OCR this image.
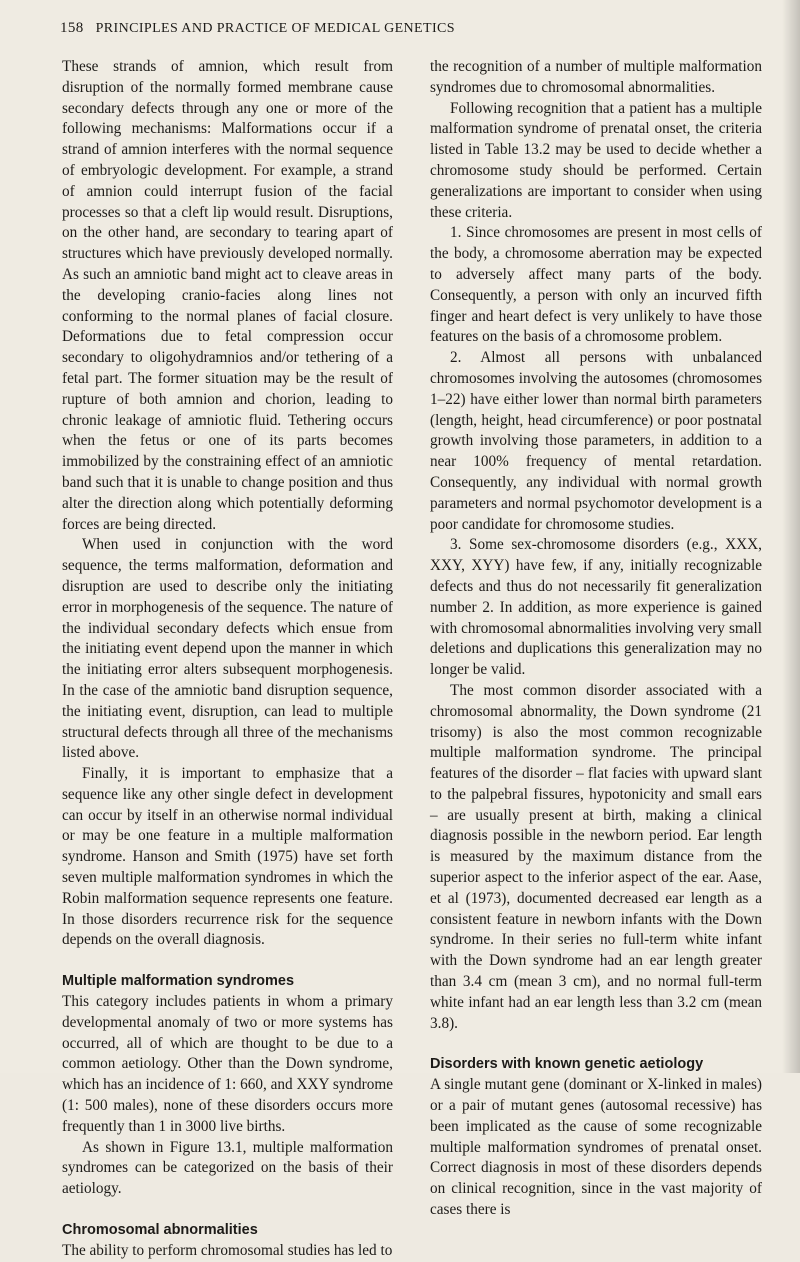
158 PRINCIPLES AND PRACTICE OF MEDICAL GENETICS

These strands of amnion, which result from disruption of the normally formed membrane cause secondary defects through any one or more of the following mechanisms: Malformations occur if a strand of amnion interferes with the normal sequence of embryologic development. For example, a strand of amnion could interrupt fusion of the facial processes so that a cleft lip would result. Disruptions, on the other hand, are secondary to tearing apart of structures which have previously developed normally. As such an amniotic band might act to cleave areas in the developing cranio-facies along lines not conforming to the normal planes of facial closure. Deformations due to fetal compression occur secondary to oligohydramnios and/or tethering of a fetal part. The former situation may be the result of rupture of both amnion and chorion, leading to chronic leakage of amniotic fluid. Tethering occurs when the fetus or one of its parts becomes immobilized by the constraining effect of an amniotic band such that it is unable to change position and thus alter the direction along which potentially deforming forces are being directed.

When used in conjunction with the word sequence, the terms malformation, deformation and disruption are used to describe only the initiating error in morphogenesis of the sequence. The nature of the individual secondary defects which ensue from the initiating event depend upon the manner in which the initiating error alters subsequent morphogenesis. In the case of the amniotic band disruption sequence, the initiating event, disruption, can lead to multiple structural defects through all three of the mechanisms listed above.

Finally, it is important to emphasize that a sequence like any other single defect in development can occur by itself in an otherwise normal individual or may be one feature in a multiple malformation syndrome. Hanson and Smith (1975) have set forth seven multiple malformation syndromes in which the Robin malformation sequence represents one feature. In those disorders recurrence risk for the sequence depends on the overall diagnosis.

Multiple malformation syndromes

This category includes patients in whom a primary developmental anomaly of two or more systems has occurred, all of which are thought to be due to a common aetiology. Other than the Down syndrome, which has an incidence of 1: 660, and XXY syndrome (1: 500 males), none of these disorders occurs more frequently than 1 in 3000 live births.

As shown in Figure 13.1, multiple malformation syndromes can be categorized on the basis of their aetiology.

Chromosomal abnormalities

The ability to perform chromosomal studies has led to

the recognition of a number of multiple malformation syndromes due to chromosomal abnormalities.

Following recognition that a patient has a multiple malformation syndrome of prenatal onset, the criteria listed in Table 13.2 may be used to decide whether a chromosome study should be performed. Certain generalizations are important to consider when using these criteria.

1. Since chromosomes are present in most cells of the body, a chromosome aberration may be expected to adversely affect many parts of the body. Consequently, a person with only an incurved fifth finger and heart defect is very unlikely to have those features on the basis of a chromosome problem.

2. Almost all persons with unbalanced chromosomes involving the autosomes (chromosomes 1–22) have either lower than normal birth parameters (length, height, head circumference) or poor postnatal growth involving those parameters, in addition to a near 100% frequency of mental retardation. Consequently, any individual with normal growth parameters and normal psychomotor development is a poor candidate for chromosome studies.

3. Some sex-chromosome disorders (e.g., XXX, XXY, XYY) have few, if any, initially recognizable defects and thus do not necessarily fit generalization number 2. In addition, as more experience is gained with chromosomal abnormalities involving very small deletions and duplications this generalization may no longer be valid.

The most common disorder associated with a chromosomal abnormality, the Down syndrome (21 trisomy) is also the most common recognizable multiple malformation syndrome. The principal features of the disorder – flat facies with upward slant to the palpebral fissures, hypotonicity and small ears – are usually present at birth, making a clinical diagnosis possible in the newborn period. Ear length is measured by the maximum distance from the superior aspect to the inferior aspect of the ear. Aase, et al (1973), documented decreased ear length as a consistent feature in newborn infants with the Down syndrome. In their series no full-term white infant with the Down syndrome had an ear length greater than 3.4 cm (mean 3 cm), and no normal full-term white infant had an ear length less than 3.2 cm (mean 3.8).

Disorders with known genetic aetiology

A single mutant gene (dominant or X-linked in males) or a pair of mutant genes (autosomal recessive) has been implicated as the cause of some recognizable multiple malformation syndromes of prenatal onset. Correct diagnosis in most of these disorders depends on clinical recognition, since in the vast majority of cases there is
